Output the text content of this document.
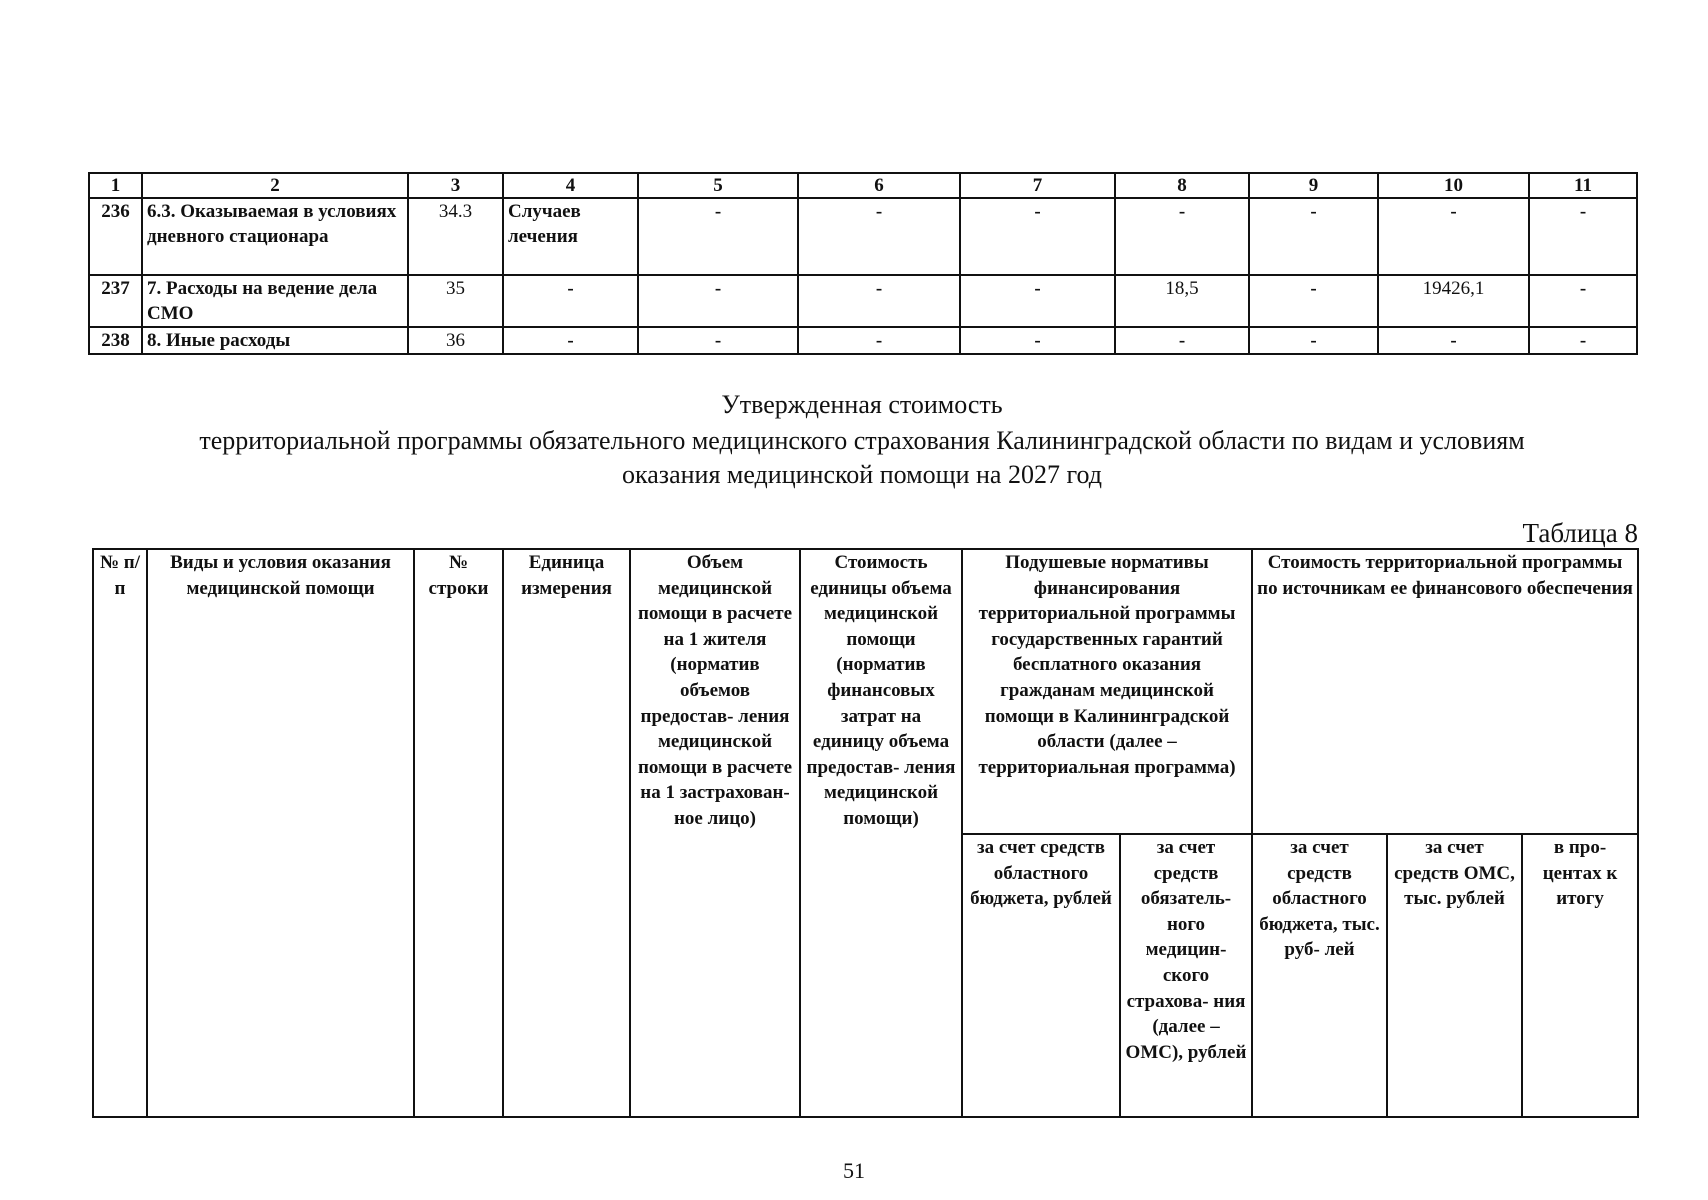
1	2	3	4	5	6	7	8	9	10	11
236	6.3. Оказываемая в условиях дневного стационара	34.3	Случаев лечения	-	-	-	-	-	-	-
237	7. Расходы на ведение дела СМО	35	-	-	-	-	18,5	-	19426,1	-
238	8. Иные расходы	36	-	-	-	-	-	-	-	-
Утвержденная стоимость
территориальной программы обязательного медицинского страхования Калининградской области по видам и условиям
оказания медицинской помощи на 2027 год
Таблица 8
№ п/п	Виды и условия оказания медицинской помощи	№ строки	Единица измерения	Объем медицинской помощи в расчете на 1 жителя (норматив объемов предостав- ления медицинской помощи в расчете на 1 застрахован- ное лицо)	Стоимость единицы объема медицинской помощи (норматив финансовых затрат на единицу объема предостав- ления медицинской помощи)	Подушевые нормативы финансирования территориальной программы государственных гарантий бесплатного оказания гражданам медицинской помощи в Калининградской области (далее – территориальная программа)		Стоимость территориальной программы по источникам ее финансового обеспечения		
						за счет средств областного бюджета, рублей	за счет средств обязатель- ного медицин- ского страхова- ния (далее – ОМС), рублей	за счет средств областного бюджета, тыс. руб- лей	за счет средств ОМС, тыс. рублей	в про- центах к итогу
51
